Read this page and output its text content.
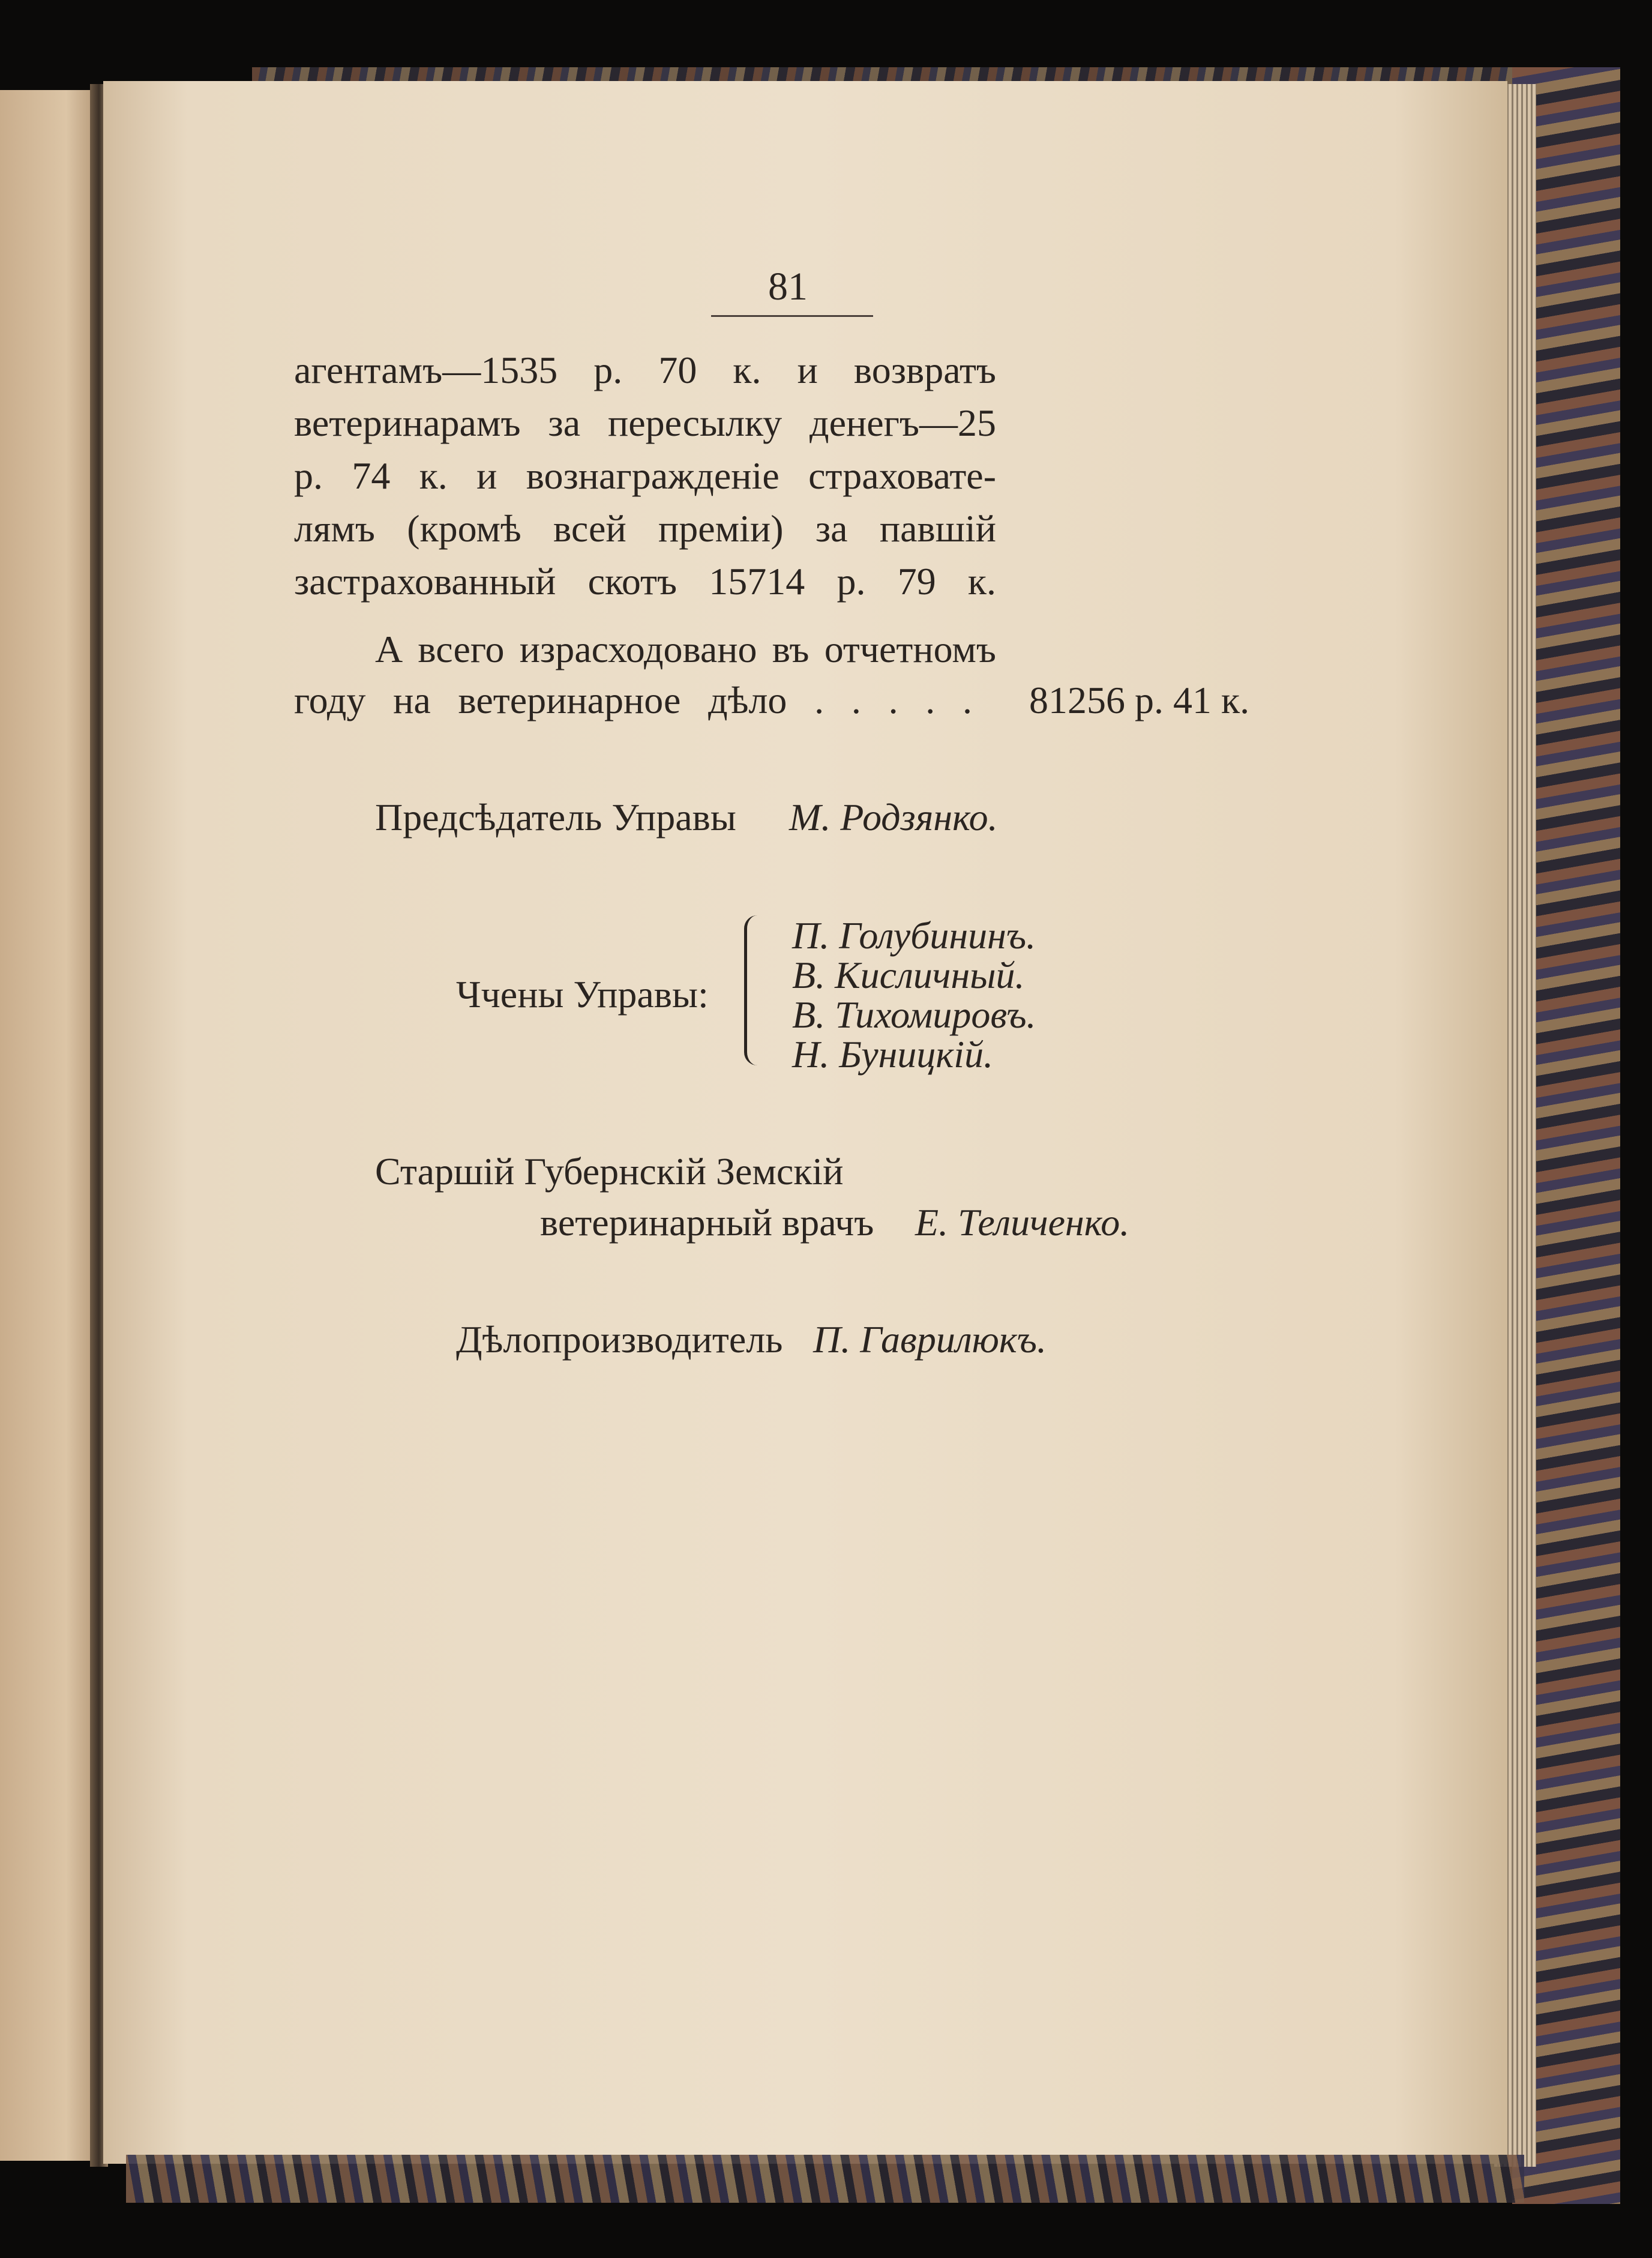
81
агентамъ—1535 р. 70 к. и возвратъ
ветеринарамъ за пересылку денегъ—25
р. 74 к. и вознагражденіе страховате-
лямъ (кромѣ всей преміи) за павшій
застрахованный скотъ 15714 р. 79 к.
А всего израсходовано въ отчетномъ
году на ветеринарное дѣло . . . . . 81256 р. 41 к.
Предсѣдатель Управы М. Родзянко.
Ччены Управы:
П. Голубининъ.
В. Кисличный.
В. Тихомировъ.
Н. Буницкій.
Старшій Губернскій Земскій
ветеринарный врачъ Е. Теличенко.
Дѣлопроизводитель П. Гаврилюкъ.
